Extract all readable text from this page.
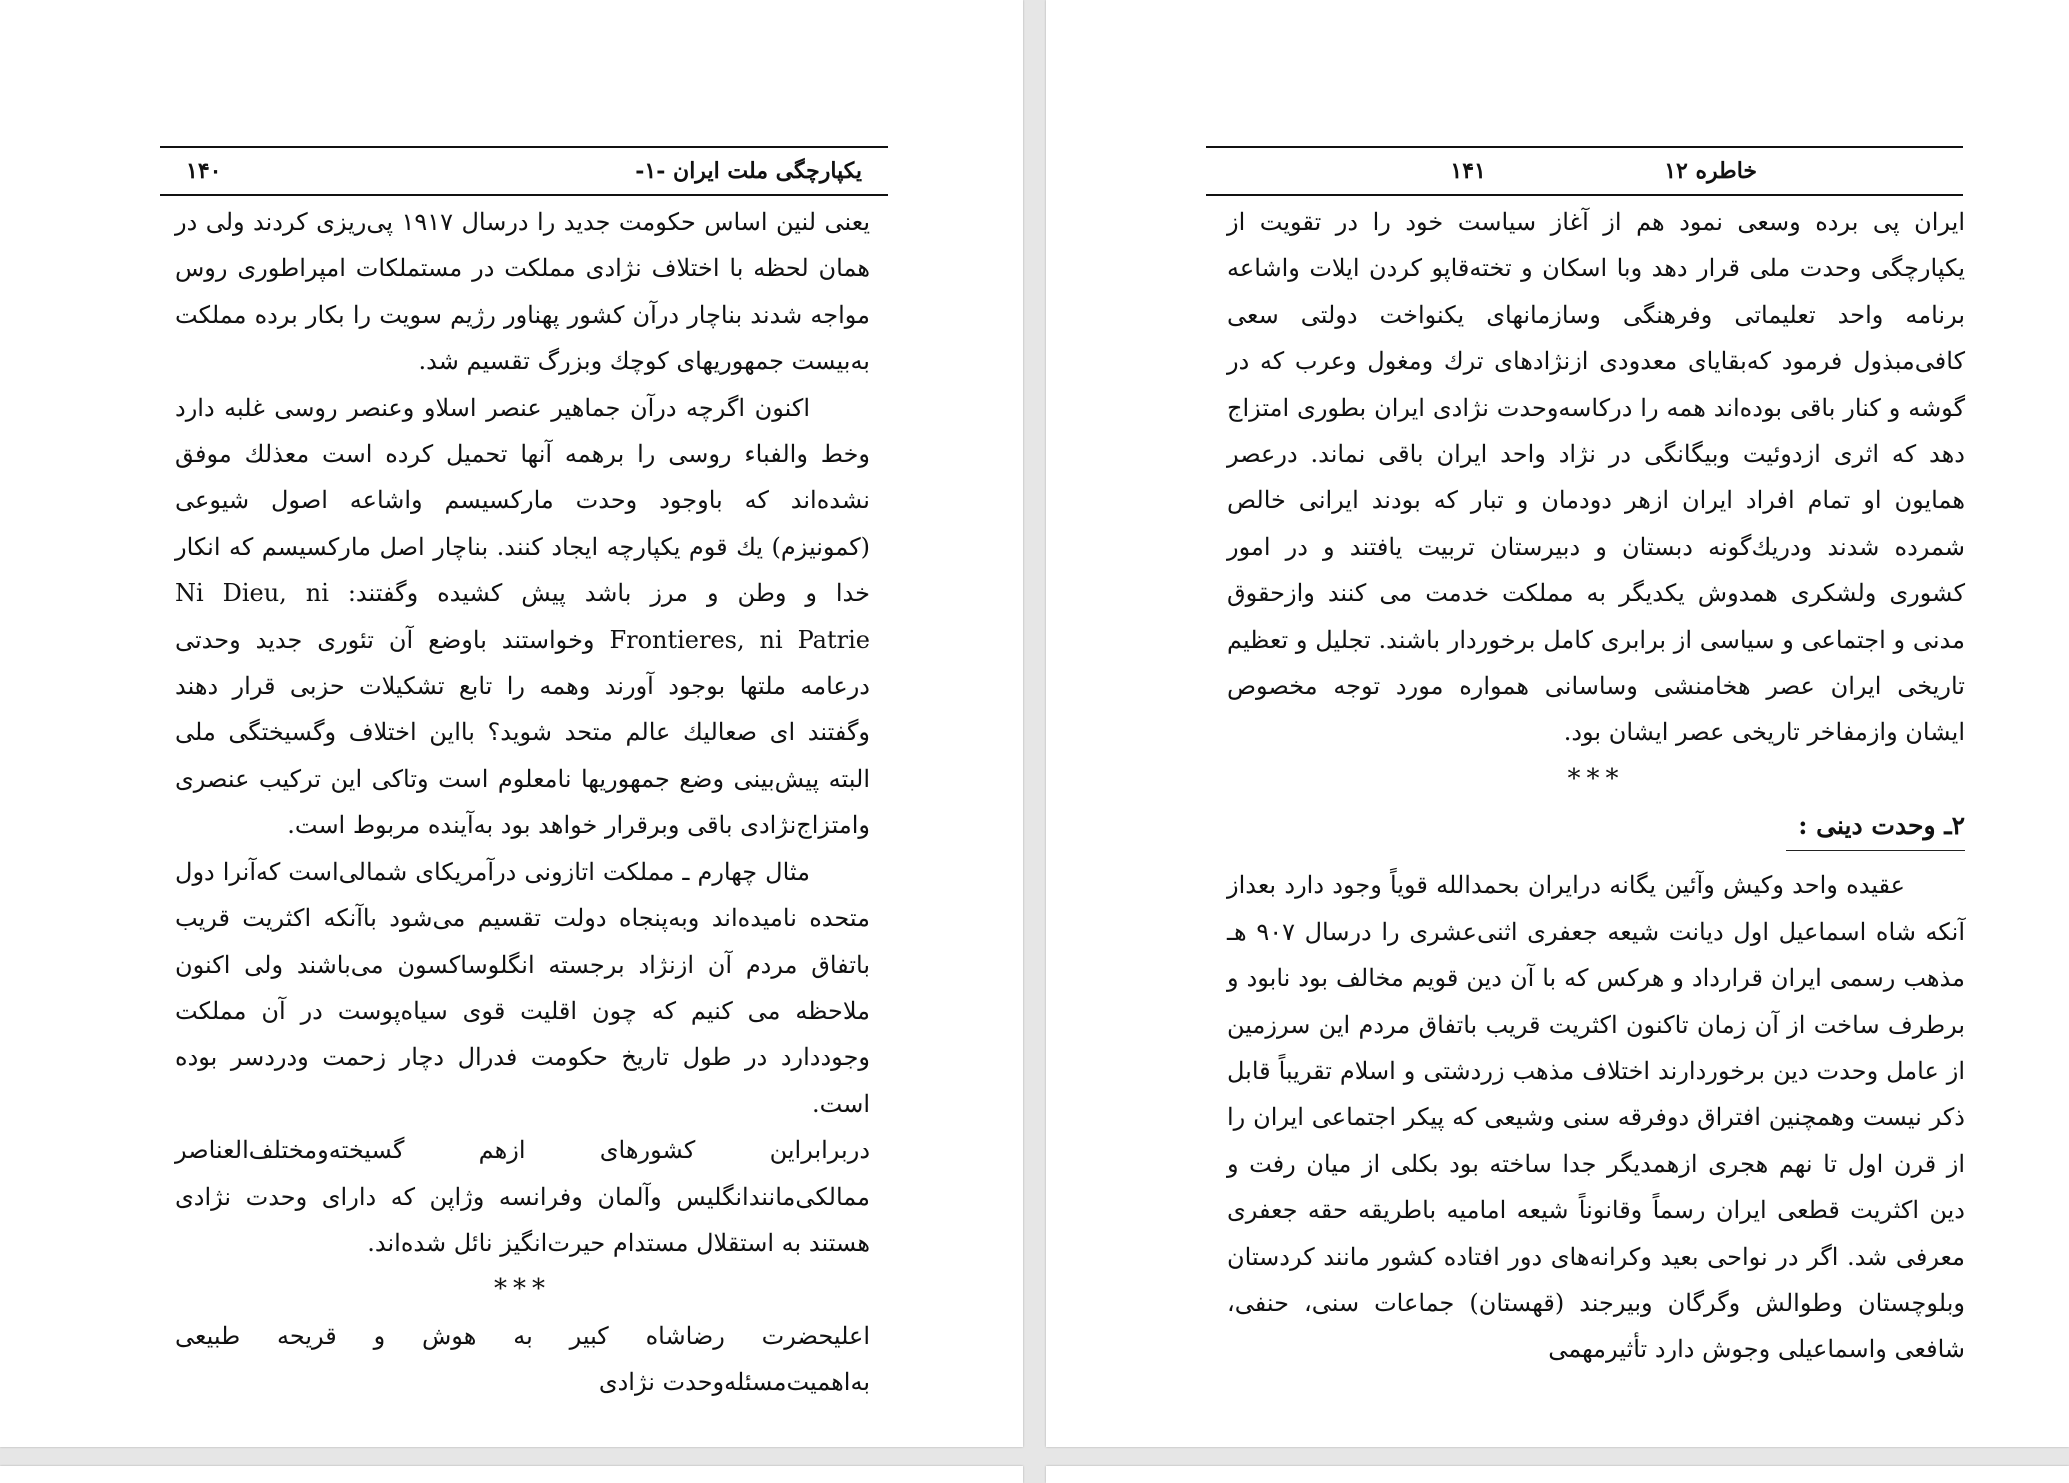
یکپارچگی ملت ایران -۱-
۱۴۰

یعنی لنین اساس حکومت جدید را درسال ۱۹۱۷ پی‌ریزی کردند ولی در همان لحظه با اختلاف نژادی مملکت در مستملکات امپراطوری روس مواجه شدند بناچار درآن کشور پهناور رژیم سویت را بکار برده مملکت به‌بیست جمهوریهای کوچك وبزرگ تقسیم شد.

اکنون اگرچه درآن جماهیر عنصر اسلاو وعنصر روسی غلبه دارد وخط والفباء روسی را برهمه آنها تحمیل کرده است معذلك موفق نشده‌اند که باوجود وحدت مارکسیسم واشاعه اصول شیوعی (کمونیزم) یك قوم یکپارچه ایجاد کنند. بناچار اصل مارکسیسم که انکار خدا و وطن و مرز باشد پیش کشیده وگفتند: Ni Dieu, ni Frontieres, ni Patrie وخواستند باوضع آن تئوری جدید وحدتی درعامه ملتها بوجود آورند وهمه را تابع تشکیلات حزبی قرار دهند وگفتند ای صعالیك عالم متحد شوید؟ بااین اختلاف وگسیختگی ملی البته پیش‌بینی وضع جمهوریها نامعلوم است وتاکی این ترکیب عنصری وامتزاج‌نژادی باقی وبرقرار خواهد بود به‌آینده مربوط است.

مثال چهارم ـ مملکت اتازونی درآمریکای شمالی‌است که‌آنرا دول متحده نامیده‌اند وبه‌پنجاه دولت تقسیم می‌شود باآنکه اکثریت قریب باتفاق مردم آن ازنژاد برجسته انگلوساکسون می‌باشند ولی اکنون ملاحظه می کنیم که چون اقلیت قوی سیاه‌پوست در آن مملکت وجوددارد در طول تاریخ حکومت فدرال دچار زحمت ودردسر بوده است.

دربرابراین کشورهای ازهم گسیخته‌ومختلف‌العناصر ممالکی‌مانندانگلیس وآلمان وفرانسه وژاپن که دارای وحدت نژادی هستند به استقلال مستدام حیرت‌انگیز نائل شده‌اند.

***

اعلیحضرت رضاشاه کبیر به هوش و قریحه طبیعی به‌اهمیت‌مسئله‌وحدت نژادی

۱۴۱	خاطره ۱۲

ایران پی برده وسعی نمود هم از آغاز سیاست خود را در تقویت از یکپارچگی وحدت ملی قرار دهد وبا اسکان و تخته‌قاپو کردن ایلات واشاعه برنامه واحد تعلیماتی وفرهنگی وسازمانهای یکنواخت دولتی سعی کافی‌مبذول فرمود که‌بقایای معدودی ازنژادهای ترك ومغول وعرب که در گوشه و کنار باقی بوده‌اند همه را درکاسه‌وحدت نژادی ایران بطوری امتزاج دهد که اثری ازدوئیت وبیگانگی در نژاد واحد ایران باقی نماند. درعصر همایون او تمام افراد ایران ازهر دودمان و تبار که بودند ایرانی خالص شمرده شدند ودریك‌گونه دبستان و دبیرستان تربیت یافتند و در امور کشوری ولشکری همدوش یکدیگر به مملکت خدمت می کنند وازحقوق مدنی و اجتماعی و سیاسی از برابری کامل برخوردار باشند. تجلیل و تعظیم تاریخی ایران عصر هخامنشی وساسانی همواره مورد توجه مخصوص ایشان وازمفاخر تاریخی عصر ایشان بود.

***
۲ـ وحدت دینی :

عقیده واحد وکیش وآئین یگانه درایران بحمدالله قویاً وجود دارد بعداز آنکه شاه اسماعیل اول دیانت شیعه جعفری اثنی‌عشری را درسال ۹۰۷ هـ مذهب رسمی ایران قرارداد و هرکس که با آن دین قویم مخالف بود نابود و برطرف ساخت از آن زمان تاکنون اکثریت قریب باتفاق مردم این سرزمین از عامل وحدت دین برخوردارند اختلاف مذهب زردشتی و اسلام تقریباً قابل ذکر نیست وهمچنین افتراق دوفرقه سنی وشیعی که پیکر اجتماعی ایران را از قرن اول تا نهم هجری ازهمدیگر جدا ساخته بود بکلی از میان رفت و دین اکثریت قطعی ایران رسماً وقانوناً شیعه امامیه باطریقه حقه جعفری معرفی شد. اگر در نواحی بعید وکرانه‌های دور افتاده کشور مانند کردستان وبلوچستان وطوالش وگرگان وبیرجند (قهستان) جماعات سنی، حنفی، شافعی واسماعیلی وجوش دارد تأثیرمهمی
